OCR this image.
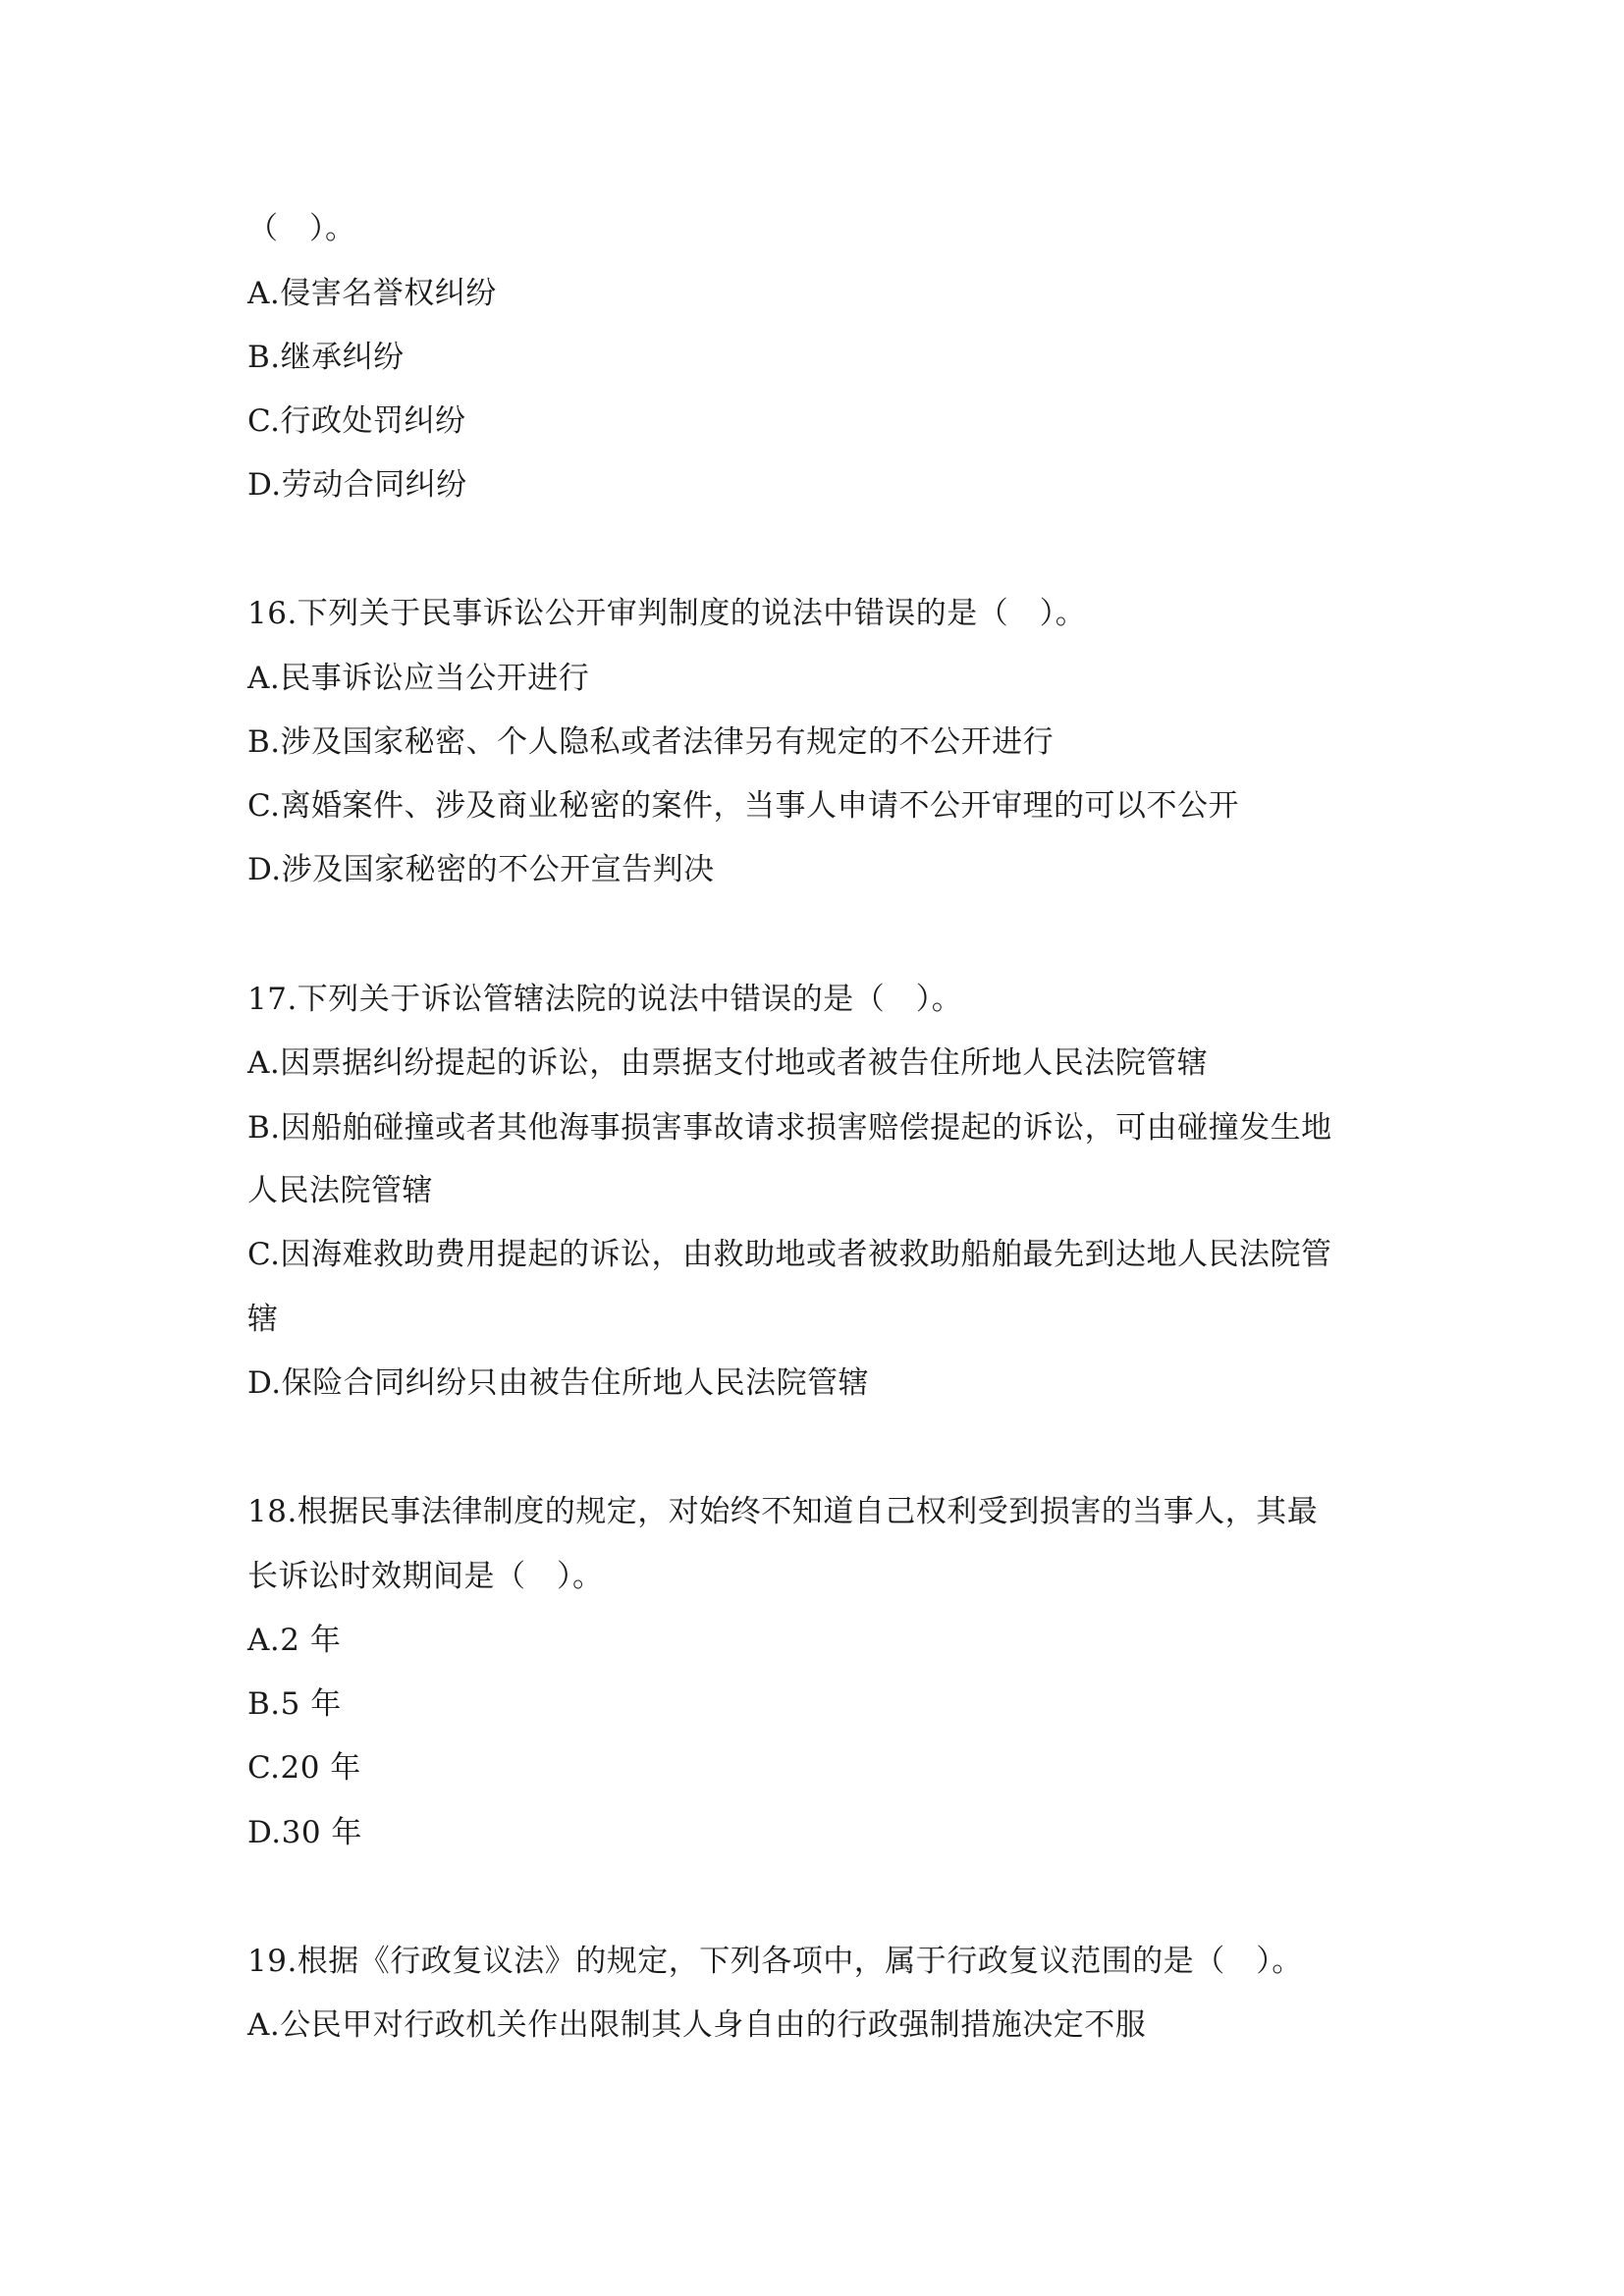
（　）。
A.侵害名誉权纠纷
B.继承纠纷
C.行政处罚纠纷
D.劳动合同纠纷
16.下列关于民事诉讼公开审判制度的说法中错误的是（　）。
A.民事诉讼应当公开进行
B.涉及国家秘密、个人隐私或者法律另有规定的不公开进行
C.离婚案件、涉及商业秘密的案件，当事人申请不公开审理的可以不公开
D.涉及国家秘密的不公开宣告判决
17.下列关于诉讼管辖法院的说法中错误的是（　）。
A.因票据纠纷提起的诉讼，由票据支付地或者被告住所地人民法院管辖
B.因船舶碰撞或者其他海事损害事故请求损害赔偿提起的诉讼，可由碰撞发生地
人民法院管辖
C.因海难救助费用提起的诉讼，由救助地或者被救助船舶最先到达地人民法院管
辖
D.保险合同纠纷只由被告住所地人民法院管辖
18.根据民事法律制度的规定，对始终不知道自己权利受到损害的当事人，其最
长诉讼时效期间是（　）。
A.2 年
B.5 年
C.20 年
D.30 年
19.根据《行政复议法》的规定，下列各项中，属于行政复议范围的是（　）。
A.公民甲对行政机关作出限制其人身自由的行政强制措施决定不服
